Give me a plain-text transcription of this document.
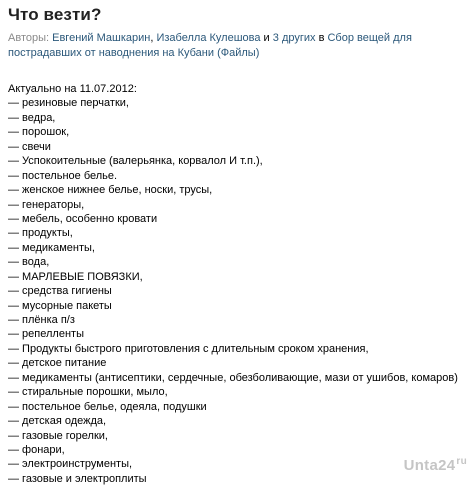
Что везти?
Авторы: Евгений Машкарин, Изабелла Кулешова и 3 других в Сбор вещей для пострадавших от наводнения на Кубани (Файлы)
Актуально на 11.07.2012:
— резиновые перчатки,
— ведра,
— порошок,
— свечи
— Успокоительные (валерьянка, корвалол И т.п.),
— постельное белье.
— женское нижнее белье, носки, трусы,
— генераторы,
— мебель, особенно кровати
— продукты,
— медикаменты,
— вода,
— МАРЛЕВЫЕ ПОВЯЗКИ,
— средства гигиены
— мусорные пакеты
— плёнка п/з
— репелленты
— Продукты быстрого приготовления с длительным сроком хранения,
— детское питание
— медикаменты (антисептики, сердечные, обезболивающие, мази от ушибов, комаров)
— стиральные порошки, мыло,
— постельное белье, одеяла, подушки
— детская одежда,
— газовые горелки,
— фонари,
— электроинструменты,
— газовые и электроплиты
$Unta24^{ru}$
